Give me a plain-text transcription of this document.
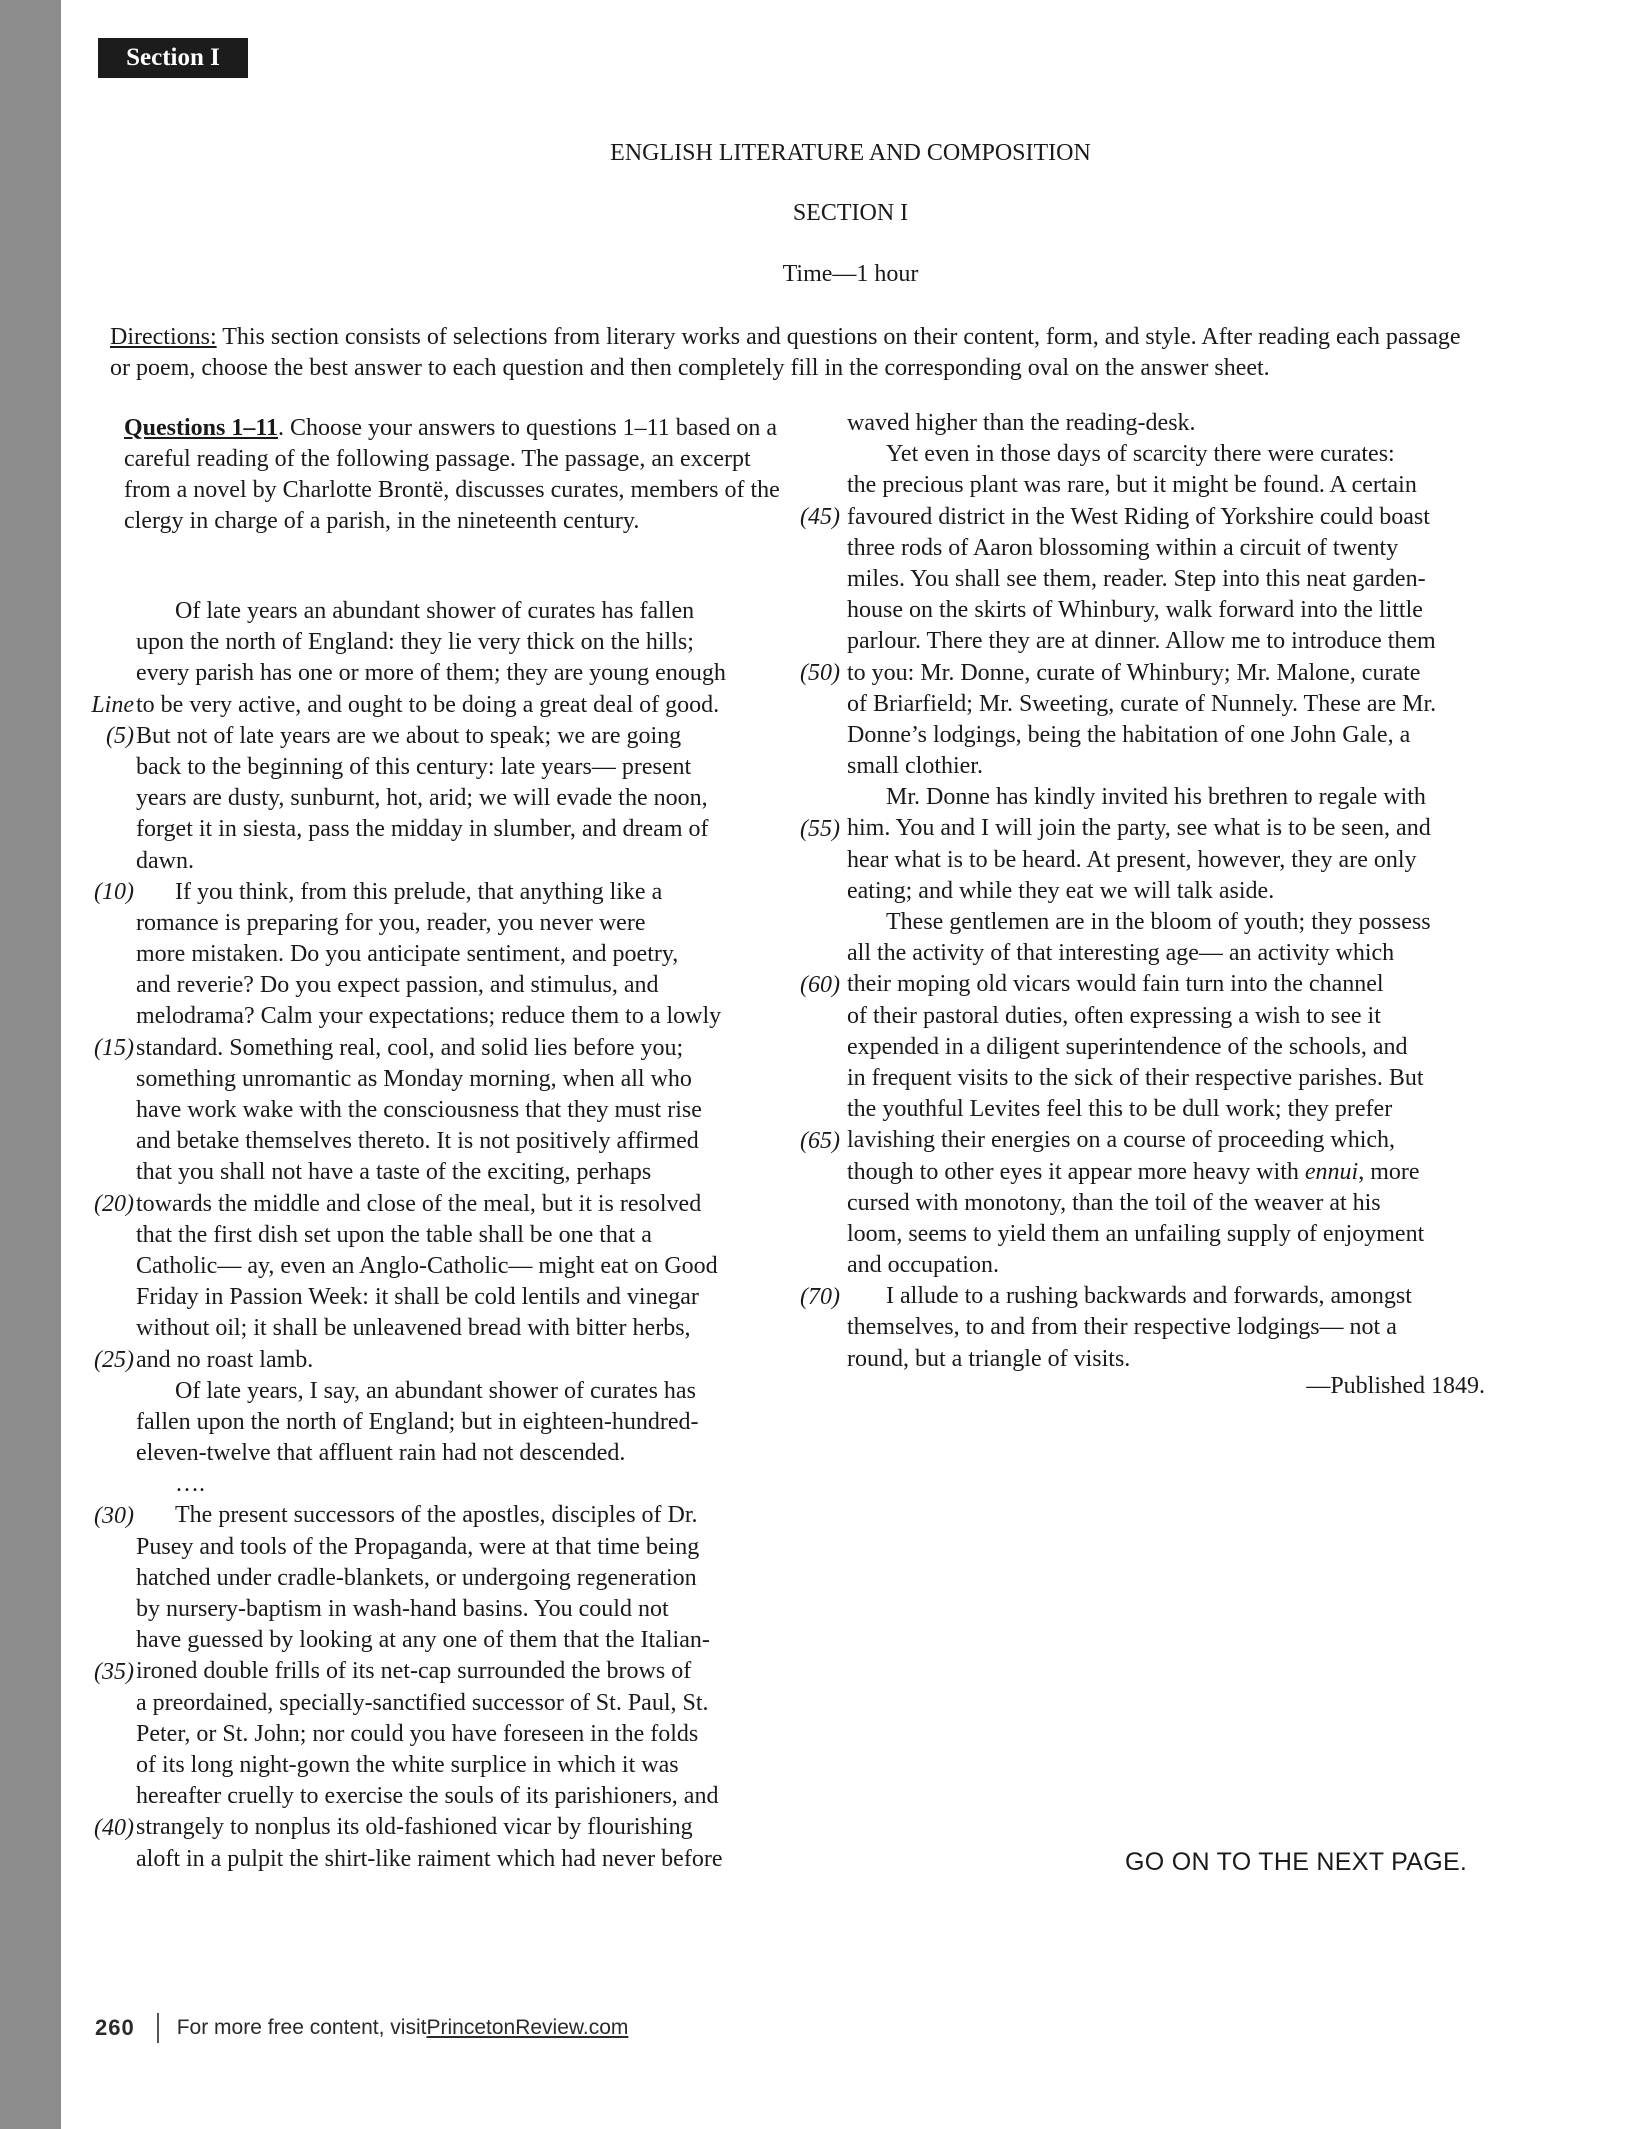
Section I
ENGLISH LITERATURE AND COMPOSITION
SECTION I
Time—1 hour
Directions: This section consists of selections from literary works and questions on their content, form, and style. After reading each passage or poem, choose the best answer to each question and then completely fill in the corresponding oval on the answer sheet.
Questions 1–11. Choose your answers to questions 1–11 based on a careful reading of the following passage. The passage, an excerpt from a novel by Charlotte Brontë, discusses curates, members of the clergy in charge of a parish, in the nineteenth century.
Of late years an abundant shower of curates has fallen
upon the north of England: they lie very thick on the hills;
every parish has one or more of them; they are young enough
to be very active, and ought to be doing a great deal of good.
But not of late years are we about to speak; we are going
back to the beginning of this century: late years— present
years are dusty, sunburnt, hot, arid; we will evade the noon,
forget it in siesta, pass the midday in slumber, and dream of
dawn.
If you think, from this prelude, that anything like a
romance is preparing for you, reader, you never were
more mistaken. Do you anticipate sentiment, and poetry,
and reverie? Do you expect passion, and stimulus, and
melodrama? Calm your expectations; reduce them to a lowly
standard. Something real, cool, and solid lies before you;
something unromantic as Monday morning, when all who
have work wake with the consciousness that they must rise
and betake themselves thereto. It is not positively affirmed
that you shall not have a taste of the exciting, perhaps
towards the middle and close of the meal, but it is resolved
that the first dish set upon the table shall be one that a
Catholic— ay, even an Anglo-Catholic— might eat on Good
Friday in Passion Week: it shall be cold lentils and vinegar
without oil; it shall be unleavened bread with bitter herbs,
and no roast lamb.
Of late years, I say, an abundant shower of curates has
fallen upon the north of England; but in eighteen-hundred-
eleven-twelve that affluent rain had not descended.
….
The present successors of the apostles, disciples of Dr.
Pusey and tools of the Propaganda, were at that time being
hatched under cradle-blankets, or undergoing regeneration
by nursery-baptism in wash-hand basins. You could not
have guessed by looking at any one of them that the Italian-
ironed double frills of its net-cap surrounded the brows of
a preordained, specially-sanctified successor of St. Paul, St.
Peter, or St. John; nor could you have foreseen in the folds
of its long night-gown the white surplice in which it was
hereafter cruelly to exercise the souls of its parishioners, and
strangely to nonplus its old-fashioned vicar by flourishing
aloft in a pulpit the shirt-like raiment which had never before
Line
(5)
(10)
(15)
(20)
(25)
(30)
(35)
(40)
waved higher than the reading-desk.
Yet even in those days of scarcity there were curates:
the precious plant was rare, but it might be found. A certain
favoured district in the West Riding of Yorkshire could boast
three rods of Aaron blossoming within a circuit of twenty
miles. You shall see them, reader. Step into this neat garden-
house on the skirts of Whinbury, walk forward into the little
parlour. There they are at dinner. Allow me to introduce them
to you: Mr. Donne, curate of Whinbury; Mr. Malone, curate
of Briarfield; Mr. Sweeting, curate of Nunnely. These are Mr.
Donne’s lodgings, being the habitation of one John Gale, a
small clothier.
Mr. Donne has kindly invited his brethren to regale with
him. You and I will join the party, see what is to be seen, and
hear what is to be heard. At present, however, they are only
eating; and while they eat we will talk aside.
These gentlemen are in the bloom of youth; they possess
all the activity of that interesting age— an activity which
their moping old vicars would fain turn into the channel
of their pastoral duties, often expressing a wish to see it
expended in a diligent superintendence of the schools, and
in frequent visits to the sick of their respective parishes. But
the youthful Levites feel this to be dull work; they prefer
lavishing their energies on a course of proceeding which,
though to other eyes it appear more heavy with ennui, more
cursed with monotony, than the toil of the weaver at his
loom, seems to yield them an unfailing supply of enjoyment
and occupation.
I allude to a rushing backwards and forwards, amongst
themselves, to and from their respective lodgings— not a
round, but a triangle of visits.
(45)
(50)
(55)
(60)
(65)
(70)
—Published 1849.
GO ON TO THE NEXT PAGE.
260 For more free content, visit PrincetonReview.com
